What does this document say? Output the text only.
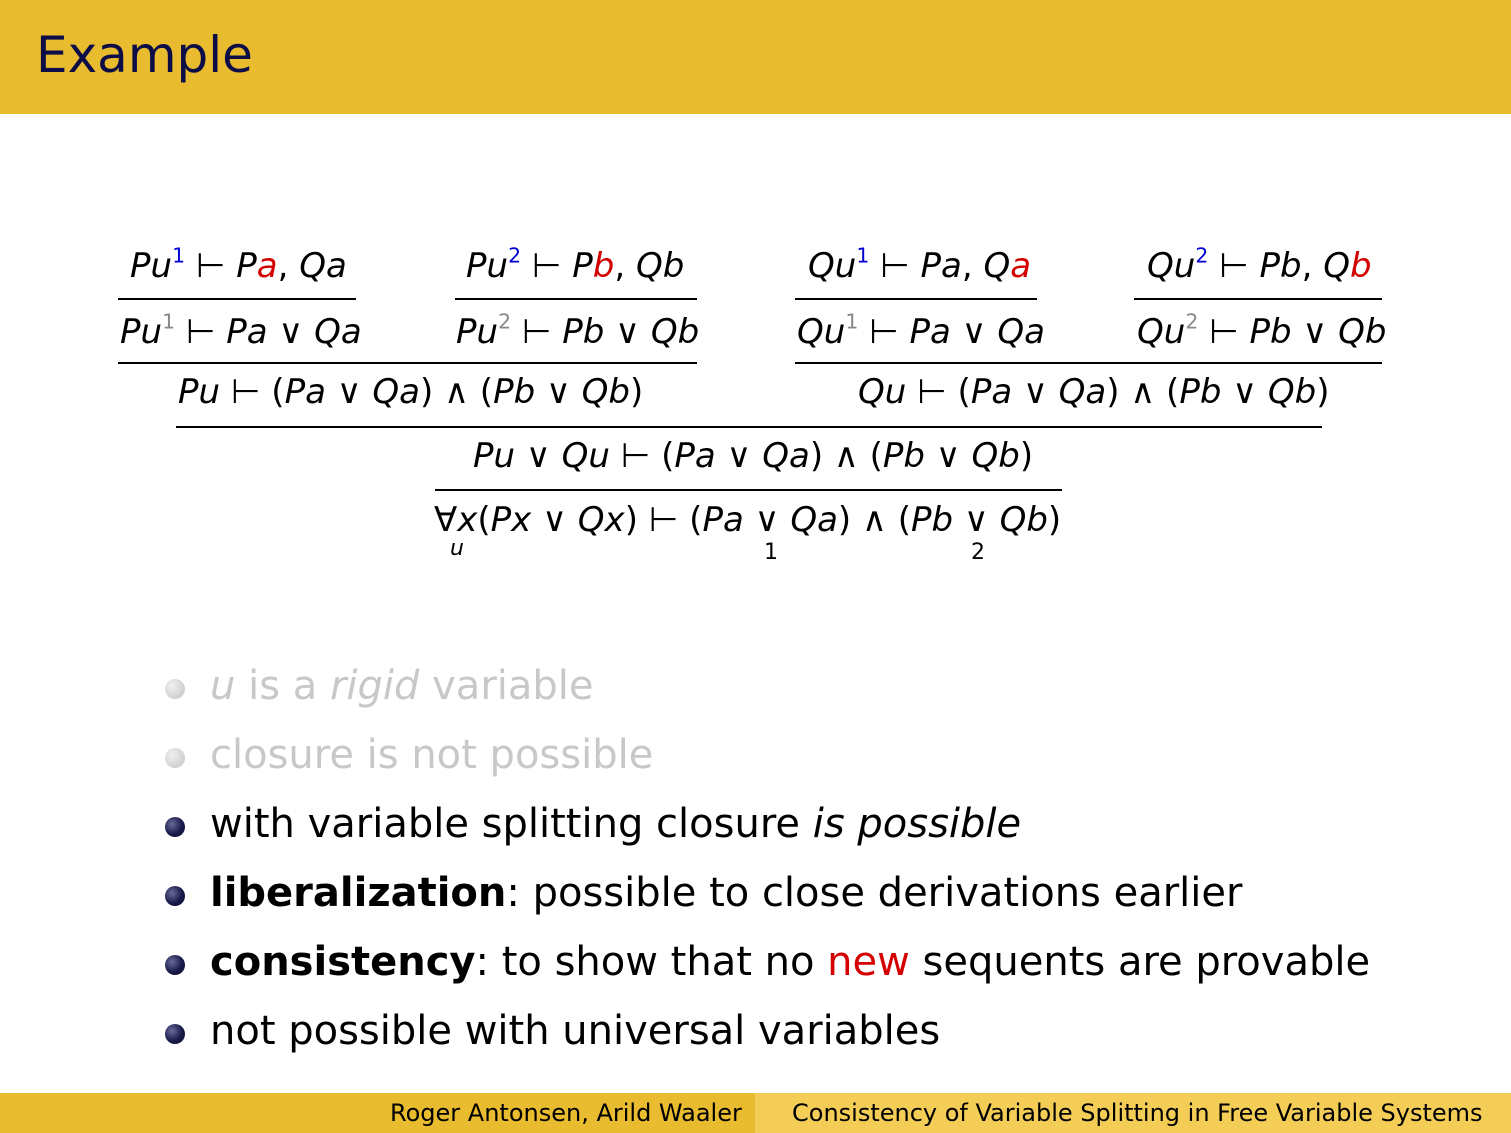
Example
Pu$^1$ ⊢ Pa, Qa	Pu$^2$ ⊢ Pb, Qb	Qu$^1$ ⊢ Pa, Qa	Qu$^2$ ⊢ Pb, Qb
Pu$^1$ ⊢ Pa ∨ Qa	Pu$^2$ ⊢ Pb ∨ Qb	Qu$^1$ ⊢ Pa ∨ Qa	Qu$^2$ ⊢ Pb ∨ Qb
Pu ⊢ (Pa ∨ Qa) ∧ (Pb ∨ Qb)	Qu ⊢ (Pa ∨ Qa) ∧ (Pb ∨ Qb)
Pu ∨ Qu ⊢ (Pa ∨ Qa) ∧ (Pb ∨ Qb)
∀x(Px ∨ Qx) ⊢ (Pa ∨ Qa) ∧ (Pb ∨ Qb)
u	1	2
u is a rigid variable
closure is not possible
with variable splitting closure is possible
liberalization: possible to close derivations earlier
consistency: to show that no new sequents are provable
not possible with universal variables
Roger Antonsen, Arild Waaler Consistency of Variable Splitting in Free Variable Systems
